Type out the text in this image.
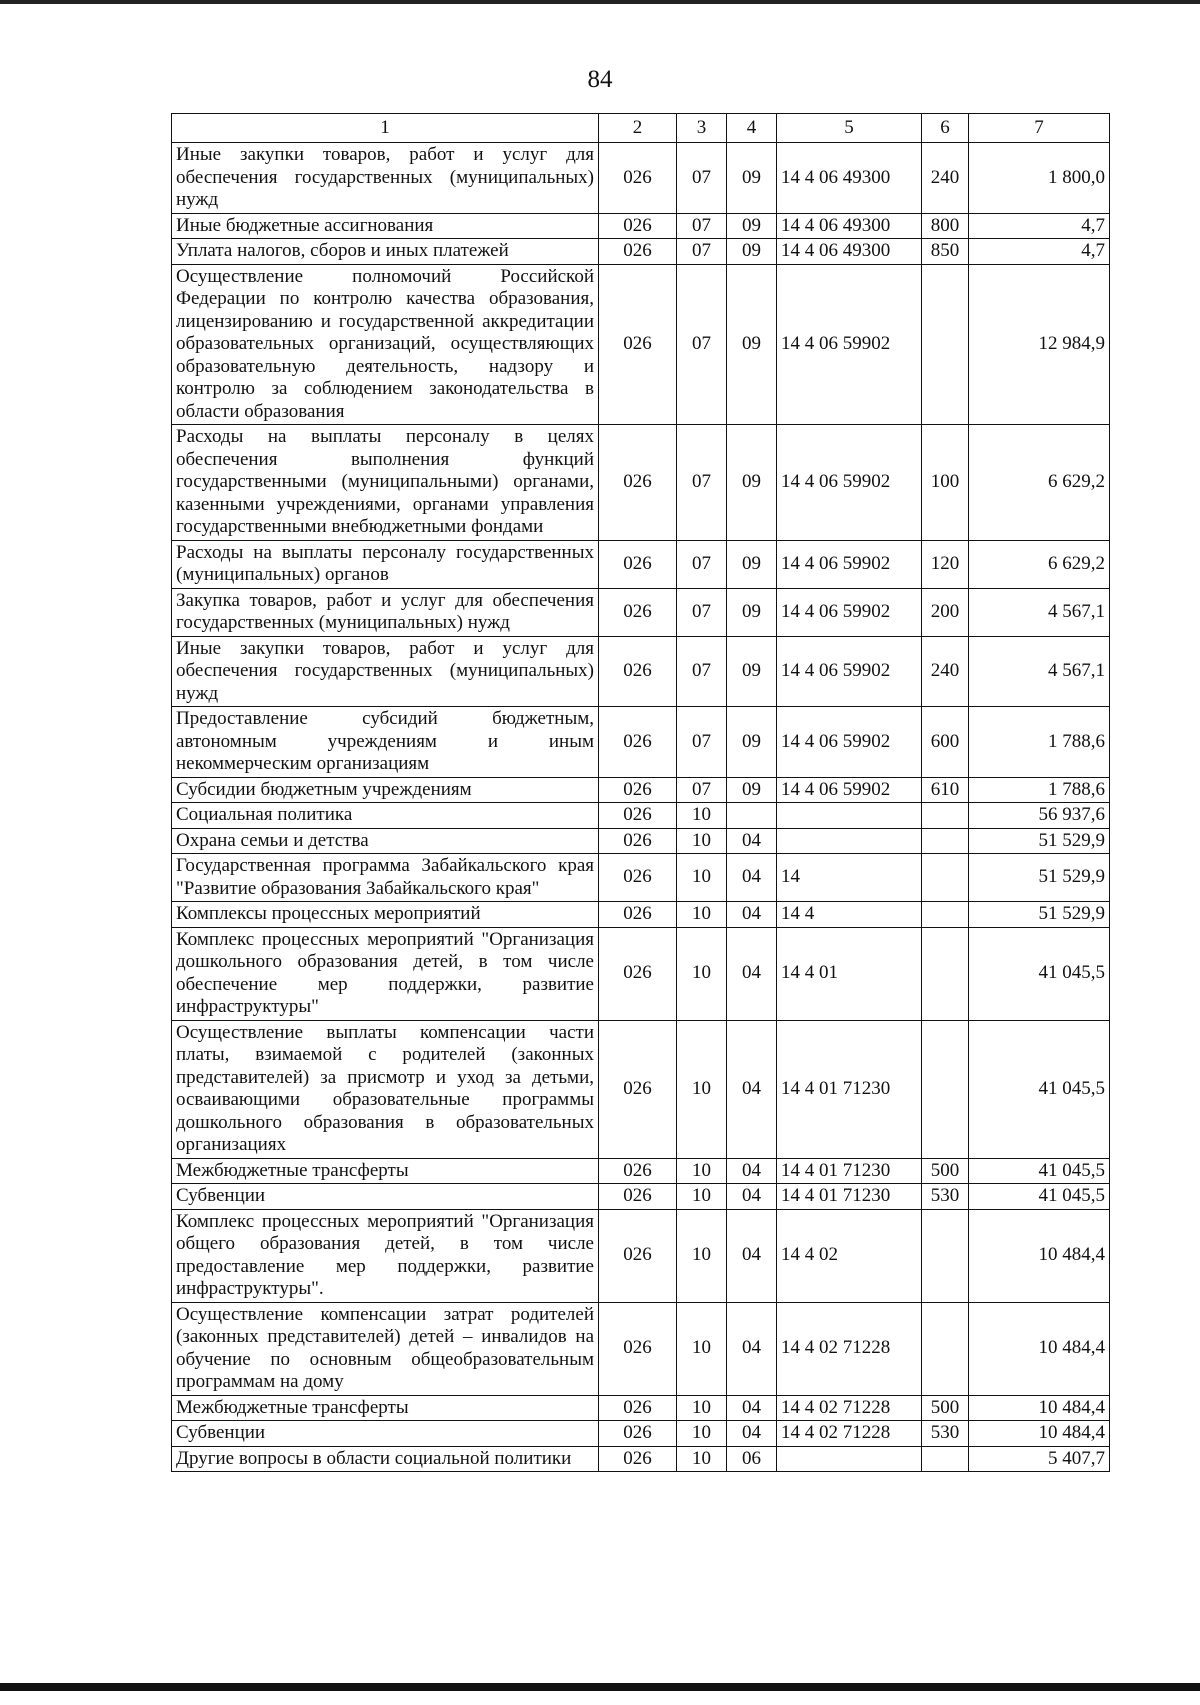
84
1	2	3	4	5	6	7
Иные закупки товаров, работ и услуг для обеспечения государственных (муниципальных) нужд	026	07	09	14 4 06 49300	240	1 800,0
Иные бюджетные ассигнования	026	07	09	14 4 06 49300	800	4,7
Уплата налогов, сборов и иных платежей	026	07	09	14 4 06 49300	850	4,7
Осуществление полномочий Российской Федерации по контролю качества образования, лицензированию и государственной аккредитации образовательных организаций, осуществляющих образовательную деятельность, надзору и контролю за соблюдением законодательства в области образования	026	07	09	14 4 06 59902		12 984,9
Расходы на выплаты персоналу в целях обеспечения выполнения функций государственными (муниципальными) органами, казенными учреждениями, органами управления государственными внебюджетными фондами	026	07	09	14 4 06 59902	100	6 629,2
Расходы на выплаты персоналу государственных (муниципальных) органов	026	07	09	14 4 06 59902	120	6 629,2
Закупка товаров, работ и услуг для обеспечения государственных (муниципальных) нужд	026	07	09	14 4 06 59902	200	4 567,1
Иные закупки товаров, работ и услуг для обеспечения государственных (муниципальных) нужд	026	07	09	14 4 06 59902	240	4 567,1
Предоставление субсидий бюджетным, автономным учреждениям и иным некоммерческим организациям	026	07	09	14 4 06 59902	600	1 788,6
Субсидии бюджетным учреждениям	026	07	09	14 4 06 59902	610	1 788,6
Социальная политика	026	10				56 937,6
Охрана семьи и детства	026	10	04			51 529,9
Государственная программа Забайкальского края "Развитие образования Забайкальского края"	026	10	04	14		51 529,9
Комплексы процессных мероприятий	026	10	04	14 4		51 529,9
Комплекс процессных мероприятий "Организация дошкольного образования детей, в том числе обеспечение мер поддержки, развитие инфраструктуры"	026	10	04	14 4 01		41 045,5
Осуществление выплаты компенсации части платы, взимаемой с родителей (законных представителей) за присмотр и уход за детьми, осваивающими образовательные программы дошкольного образования в образовательных организациях	026	10	04	14 4 01 71230		41 045,5
Межбюджетные трансферты	026	10	04	14 4 01 71230	500	41 045,5
Субвенции	026	10	04	14 4 01 71230	530	41 045,5
Комплекс процессных мероприятий "Организация общего образования детей, в том числе предоставление мер поддержки, развитие инфраструктуры".	026	10	04	14 4 02		10 484,4
Осуществление компенсации затрат родителей (законных представителей) детей – инвалидов на обучение по основным общеобразовательным программам на дому	026	10	04	14 4 02 71228		10 484,4
Межбюджетные трансферты	026	10	04	14 4 02 71228	500	10 484,4
Субвенции	026	10	04	14 4 02 71228	530	10 484,4
Другие вопросы в области социальной политики	026	10	06			5 407,7
